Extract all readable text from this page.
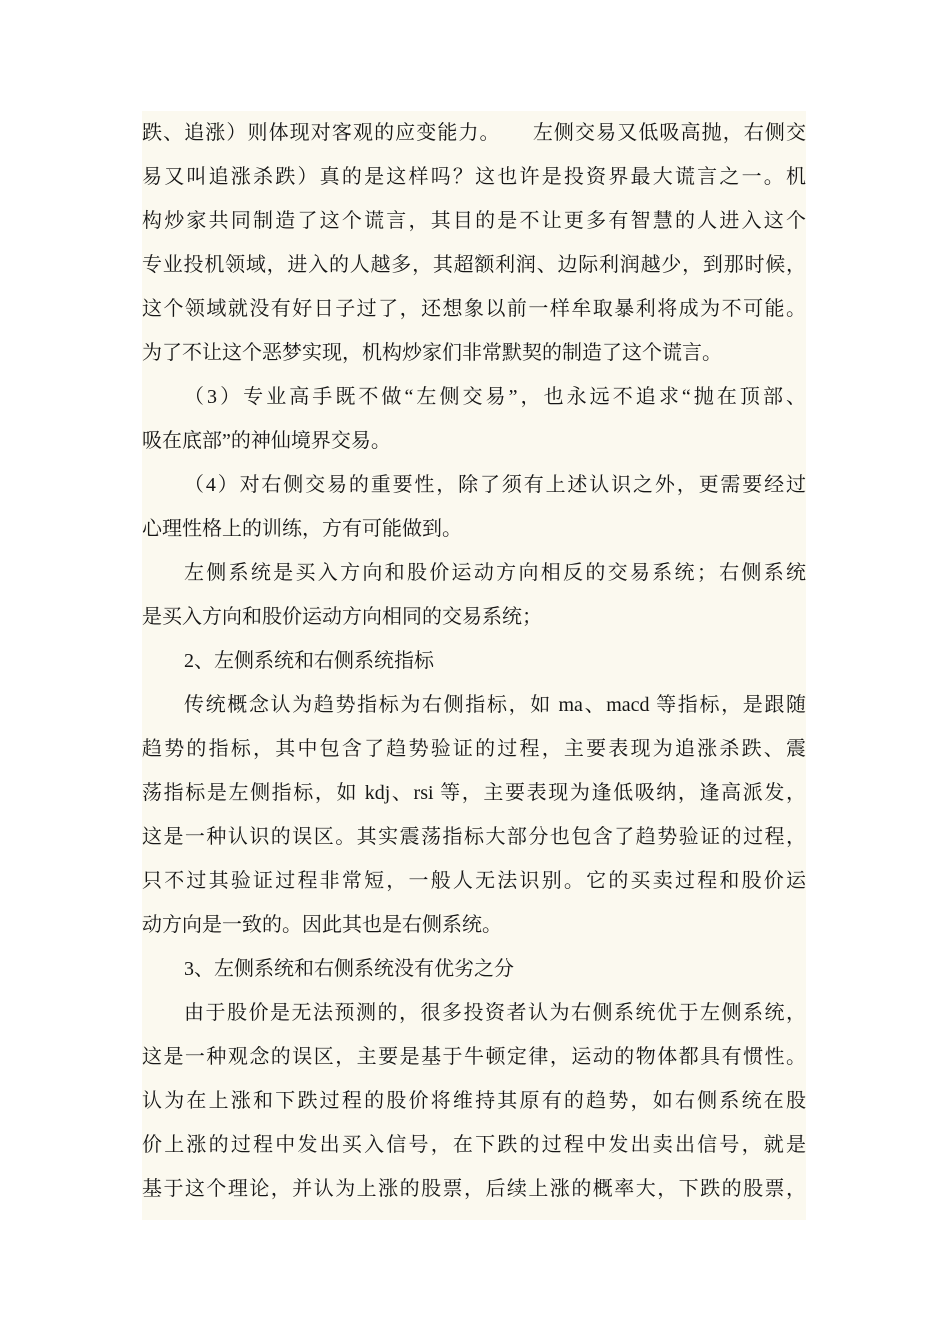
跌、追涨）则体现对客观的应变能力。　　左侧交易又低吸高抛，右侧交
易又叫追涨杀跌）真的是这样吗？这也许是投资界最大谎言之一。机
构炒家共同制造了这个谎言，其目的是不让更多有智慧的人进入这个
专业投机领域，进入的人越多，其超额利润、边际利润越少，到那时候，
这个领域就没有好日子过了，还想象以前一样牟取暴利将成为不可能。
为了不让这个恶梦实现，机构炒家们非常默契的制造了这个谎言。
（3）专业高手既不做“左侧交易”，也永远不追求“抛在顶部、
吸在底部”的神仙境界交易。
（4）对右侧交易的重要性，除了须有上述认识之外，更需要经过
心理性格上的训练，方有可能做到。
左侧系统是买入方向和股价运动方向相反的交易系统；右侧系统
是买入方向和股价运动方向相同的交易系统；
2、左侧系统和右侧系统指标
传统概念认为趋势指标为右侧指标，如 ma、macd 等指标，是跟随
趋势的指标，其中包含了趋势验证的过程，主要表现为追涨杀跌、震
荡指标是左侧指标，如 kdj、rsi 等，主要表现为逢低吸纳，逢高派发，
这是一种认识的误区。其实震荡指标大部分也包含了趋势验证的过程，
只不过其验证过程非常短，一般人无法识别。它的买卖过程和股价运
动方向是一致的。因此其也是右侧系统。
3、左侧系统和右侧系统没有优劣之分
由于股价是无法预测的，很多投资者认为右侧系统优于左侧系统，
这是一种观念的误区，主要是基于牛顿定律，运动的物体都具有惯性。
认为在上涨和下跌过程的股价将维持其原有的趋势，如右侧系统在股
价上涨的过程中发出买入信号，在下跌的过程中发出卖出信号，就是
基于这个理论，并认为上涨的股票，后续上涨的概率大，下跌的股票，
